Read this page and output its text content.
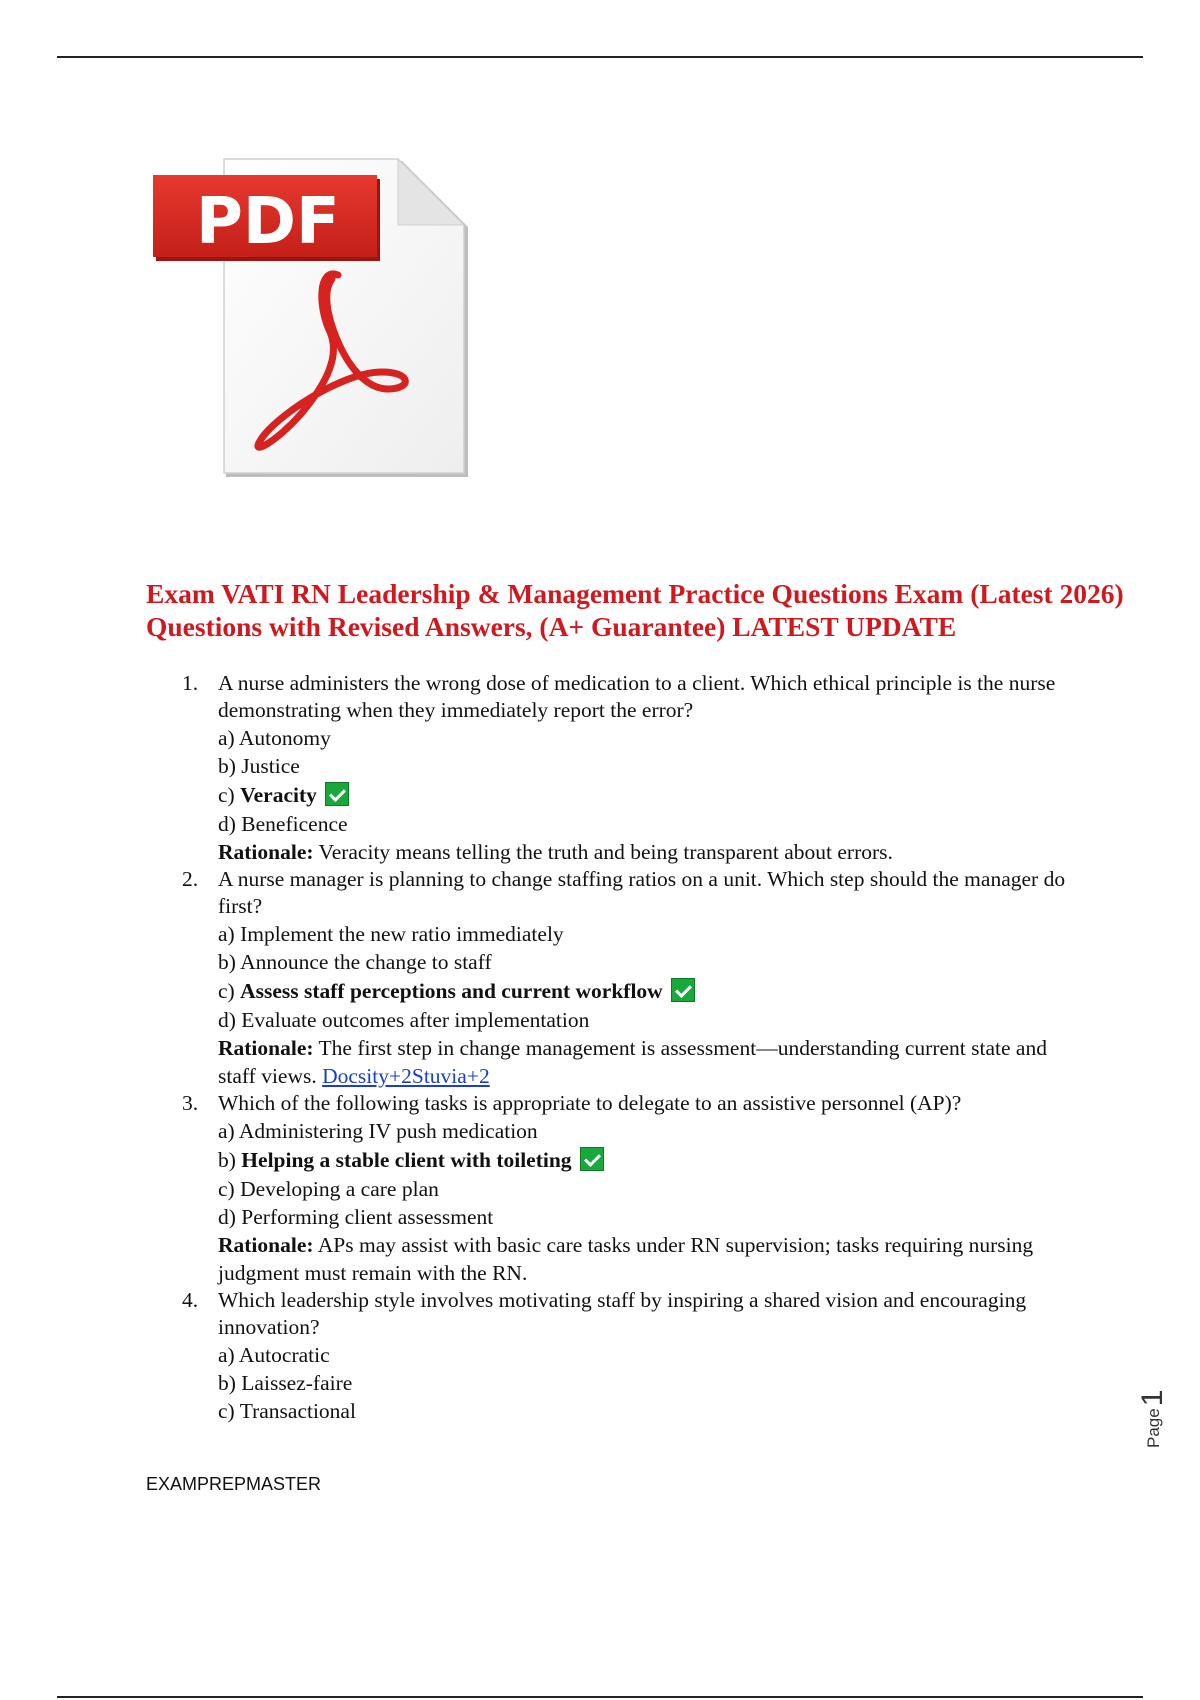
PDF
Exam VATI RN Leadership & Management Practice Questions Exam (Latest 2026) Questions with Revised Answers, (A+ Guarantee) LATEST UPDATE
1. A nurse administers the wrong dose of medication to a client. Which ethical principle is the nurse demonstrating when they immediately report the error?
a) Autonomy
b) Justice
c) Veracity
d) Beneficence
Rationale: Veracity means telling the truth and being transparent about errors.
2. A nurse manager is planning to change staffing ratios on a unit. Which step should the manager do first?
a) Implement the new ratio immediately
b) Announce the change to staff
c) Assess staff perceptions and current workflow
d) Evaluate outcomes after implementation
Rationale: The first step in change management is assessment—understanding current state and staff views. Docsity+2Stuvia+2
3. Which of the following tasks is appropriate to delegate to an assistive personnel (AP)?
a) Administering IV push medication
b) Helping a stable client with toileting
c) Developing a care plan
d) Performing client assessment
Rationale: APs may assist with basic care tasks under RN supervision; tasks requiring nursing judgment must remain with the RN.
4. Which leadership style involves motivating staff by inspiring a shared vision and encouraging innovation?
a) Autocratic
b) Laissez-faire
c) Transactional

EXAMPREPMASTER

Page1
